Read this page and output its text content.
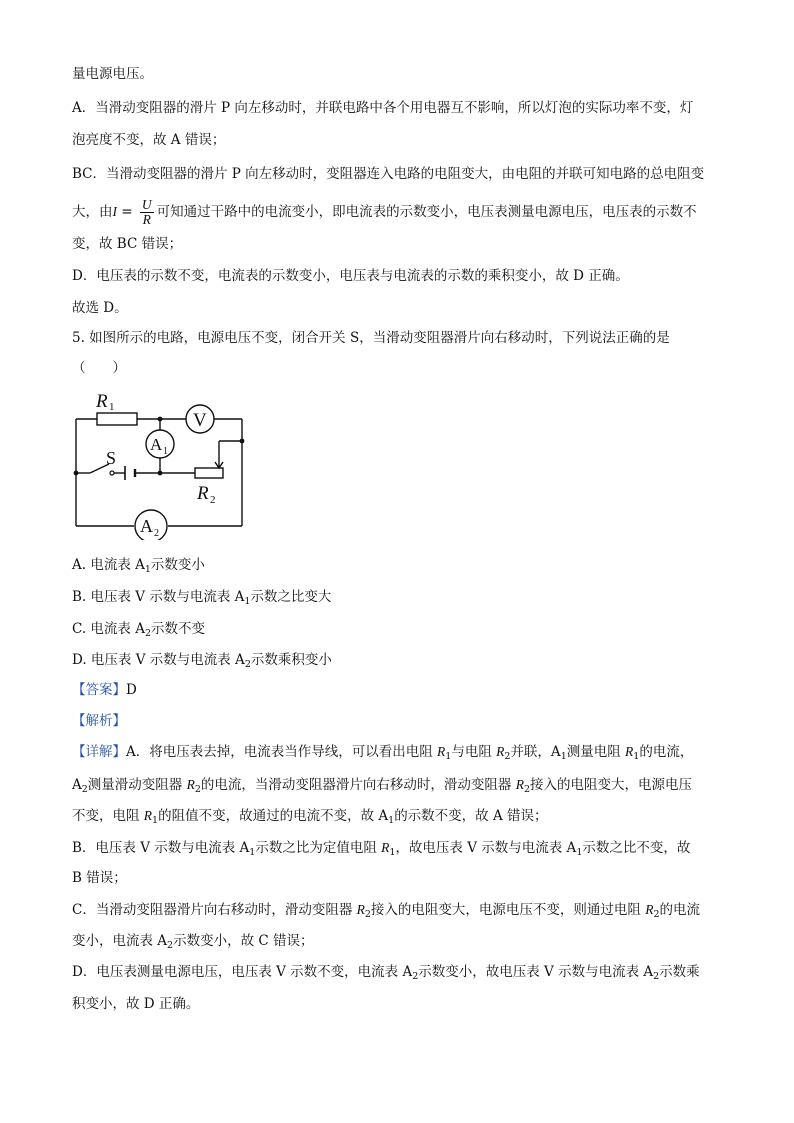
量电源电压。
A．当滑动变阻器的滑片 P 向左移动时，并联电路中各个用电器互不影响，所以灯泡的实际功率不变，灯
泡亮度不变，故 A 错误；
BC．当滑动变阻器的滑片 P 向左移动时，变阻器连入电路的电阻变大，由电阻的并联可知电路的总电阻变
大，由$I = \frac{U}{R}$ 可知通过干路中的电流变小，即电流表的示数变小，电压表测量电源电压，电压表的示数不
变，故 BC 错误；
D．电压表的示数不变，电流表的示数变小，电压表与电流表的示数的乘积变小，故 D 正确。
故选 D。
5. 如图所示的电路，电源电压不变，闭合开关 S，当滑动变阻器滑片向右移动时，下列说法正确的是
（　　）
R 1
V
A 1
A 2
S
R 2
A. 电流表 $A_1$示数变小
B. 电压表 V 示数与电流表 $A_1$示数之比变大
C. 电流表 $A_2$示数不变
D. 电压表 V 示数与电流表 $A_2$示数乘积变小
【答案】D
【解析】
【详解】A．将电压表去掉，电流表当作导线，可以看出电阻 $R_1$与电阻 $R_2$并联，$A_1$测量电阻 $R_1$的电流，
$A_2$测量滑动变阻器 $R_2$的电流，当滑动变阻器滑片向右移动时，滑动变阻器 $R_2$接入的电阻变大，电源电压
不变，电阻 $R_1$的阻值不变，故通过的电流不变，故 $A_1$的示数不变，故 A 错误；
B．电压表 V 示数与电流表 $A_1$示数之比为定值电阻 $R_1$，故电压表 V 示数与电流表 $A_1$示数之比不变，故
B 错误；
C．当滑动变阻器滑片向右移动时，滑动变阻器 $R_2$接入的电阻变大，电源电压不变，则通过电阻 $R_2$的电流
变小，电流表 $A_2$示数变小，故 C 错误；
D．电压表测量电源电压，电压表 V 示数不变，电流表 $A_2$示数变小，故电压表 V 示数与电流表 $A_2$示数乘
积变小，故 D 正确。
